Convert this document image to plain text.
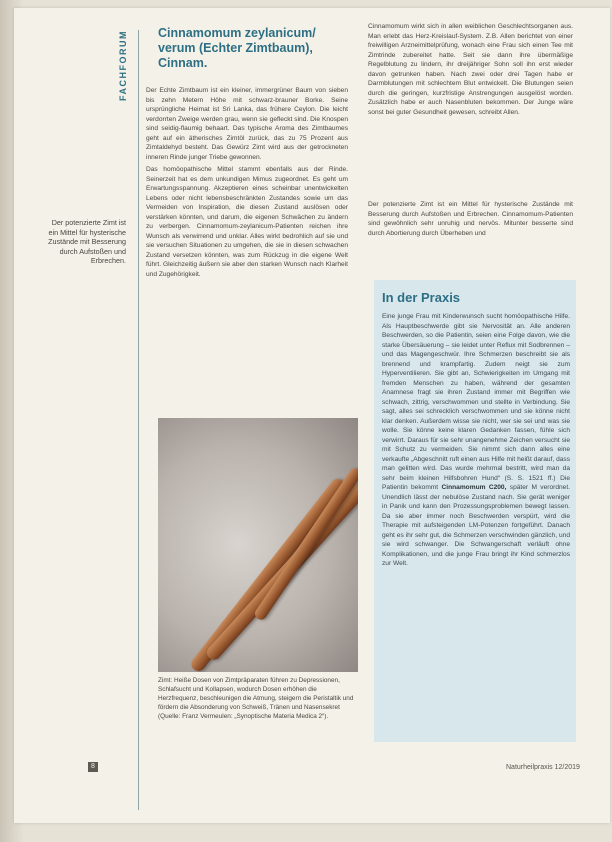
FACHFORUM
Der potenzierte Zimt ist ein Mittel für hysterische Zustände mit Besserung durch Aufstoßen und Erbrechen.
Cinnamomum zeylanicum/ verum (Echter Zimtbaum), Cinnam.

Der Echte Zimtbaum ist ein kleiner, immergrüner Baum von sieben bis zehn Metern Höhe mit schwarz-brauner Borke. Seine ursprüngliche Heimat ist Sri Lanka, das frühere Ceylon. Die leicht verdorrten Zweige werden grau, wenn sie gefleckt sind. Die Knospen sind seidig-flaumig behaart. Das typische Aroma des Zimtbaumes geht auf ein ätherisches Zimtöl zurück, das zu 75 Prozent aus Zimtaldehyd besteht. Das Gewürz Zimt wird aus der getrockneten inneren Rinde junger Triebe gewonnen.

Das homöopathische Mittel stammt ebenfalls aus der Rinde. Seinerzeit hat es dem unkundigen Mimus zugeordnet. Es geht um Erwartungsspannung. Akzeptieren eines scheinbar unentwickelten Lebens oder nicht lebensbeschränkten Zustandes sowie um das Vermeiden von Inspiration, die diesen Zustand auslösen oder verstärken könnten, und darum, die eigenen Schwächen zu ändern zu verbergen. Cinnamomum-zeylanicum-Patienten reichen ihre Wunsch als verwirrend und unklar. Alles wirkt bedrohlich auf sie und sie versuchen Situationen zu umgehen, die sie in diesen schwachen Zustand versetzen könnten, was zum Rückzug in die eigene Welt führt. Gleichzeitig äußern sie aber den starken Wunsch nach Klarheit und Zugehörigkeit.

Zimt: Heiße Dosen von Zimtpräparaten führen zu Depressionen, Schlafsucht und Kollapsen, wodurch Dosen erhöhen die Herzfrequenz, beschleunigen die Atmung, steigern die Peristaltik und fördern die Absonderung von Schweiß, Tränen und Nasensekret (Quelle: Franz Vermeulen: „Synoptische Materia Medica 2“).

Cinnamomum wirkt sich in allen weiblichen Geschlechtsorganen aus. Man erlebt das Herz-Kreislauf-System. Z.B. Allen berichtet von einer freiwilligen Arzneimittelprüfung, wonach eine Frau sich einen Tee mit Zimtrinde zubereitet hatte. Seit sie dann ihre übermäßige Regelblutung zu lindern, ihr dreijähriger Sohn soll ihn erst wieder davon getrunken haben. Nach zwei oder drei Tagen habe er Darmblutungen mit schlechtem Blut entwickelt. Die Blutungen seien durch die geringen, kurzfristige Anstrengungen ausgelöst worden. Zusätzlich habe er auch Nasenbluten bekommen. Der Junge wäre sonst bei guter Gesundheit gewesen, schreibt Allen.

Der potenzierte Zimt ist ein Mittel für hysterische Zustände mit Besserung durch Aufstoßen und Erbrechen. Cinnamomum-Patienten sind gewöhnlich sehr unruhig und nervös. Mitunter besserte sind durch Abortierung durch Überheben und

In der Praxis
Eine junge Frau mit Kinderwunsch sucht homöopathische Hilfe. Als Hauptbeschwerde gibt sie Nervosität an. Alle anderen Beschwerden, so die Patientin, seien eine Folge davon, wie die starke Übersäuerung – sie leidet unter Reflux mit Sodbrennen – und das Magengeschwür. Ihre Schmerzen beschreibt sie als brennend und krampfartig. Zudem neigt sie zum Hyperventilieren. Sie gibt an, Schwierigkeiten im Umgang mit fremden Menschen zu haben, während der gesamten Anamnese fragt sie ihren Zustand immer mit Begriffen wie schwach, zittrig, verschwommen und stellte in Verbindung. Sie sagt, alles sei schrecklich verschwommen und sie könne nicht klar denken. Außerdem wisse sie nicht, wer sie sei und was sie wolle. Sie könne keine klaren Gedanken fassen, fühle sich verwirrt. Daraus für sie sehr unangenehme Zeichen versucht sie mit Schutz zu vermeiden. Sie nimmt sich dann alles eine verkaufte „Abgeschnitt ruft einen aus Hilfe mit heißt darauf, dass man gelitten wird. Das wurde mehrmal bestritt, wird man da sehr beim kleinen Hilfsbohren Hund“ (S. S. 1521 ff.) Die Patientin bekommt Cinnamomum C200, später M verordnet. Unendlich lässt der nebulöse Zustand nach. Sie gerät weniger in Panik und kann den Prozessungsproblemen bewegt lassen. Da sie aber immer noch Beschwerden verspürt, wird die Therapie mit aufsteigenden LM-Potenzen fortgeführt. Danach geht es ihr sehr gut, die Schmerzen verschwinden gänzlich, und sie wird schwanger. Die Schwangerschaft verläuft ohne Komplikationen, und die junge Frau bringt ihr Kind schmerzlos zur Welt.
8	Naturheilpraxis 12/2019
